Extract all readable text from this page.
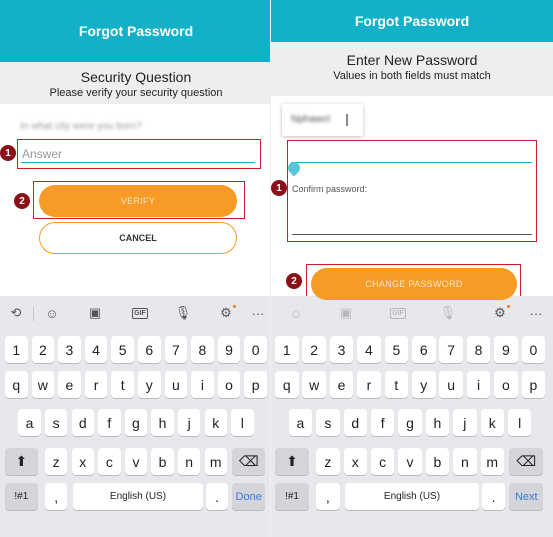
Forgot Password
Security Question
Please verify your security question
In what city were you born?
Answer
1
VERIFY
2
CANCEL
⟲	☺	▣	GIF 🎙	⚙	···
1	2	3	4	5	6	7	8	9	0
q	w	e	r	t	y	u	i	o	p
a	s	d	f	g	h	j	k	l
⬆	z	x	c	v	b	n	m	⌫
!#1	,	English (US)	.	Done
Forgot Password
Enter New Password
Values in both fields must match
Nphawct
Confirm password:
1
CHANGE PASSWORD
2
☺	▣	GIF	🎙	⚙	···
1	2	3	4	5	6	7	8	9	0
q	w	e	r	t	y	u	i	o	p
a	s	d	f	g	h	j	k	l
⬆	z	x	c	v	b	n	m	⌫
!#1	,	English (US)	.	Next
